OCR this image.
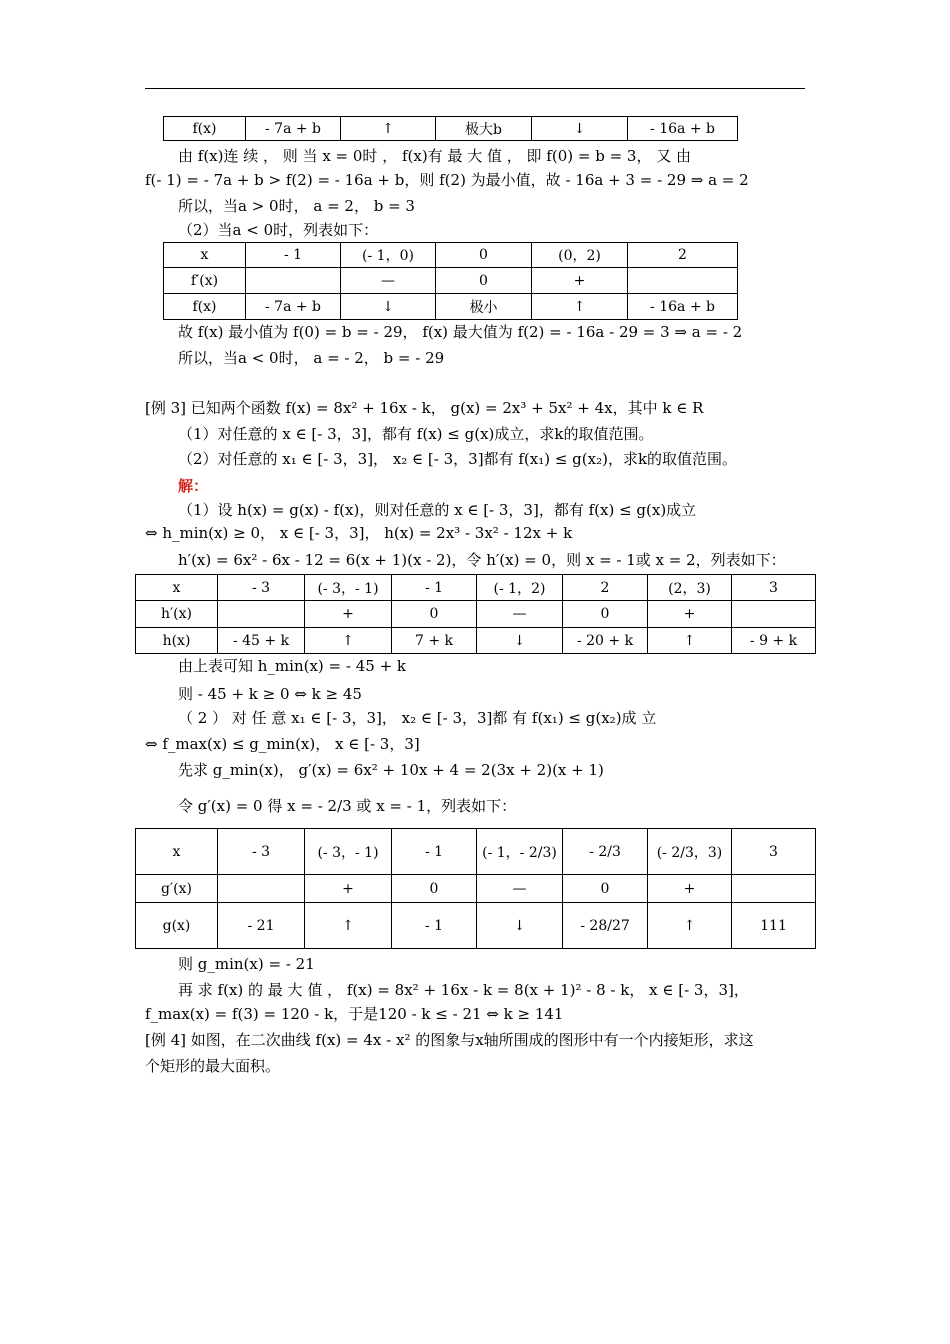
f(x)	- 7a + b	↑	极大b	↓	- 16a + b
由 f(x)连 续 ， 则 当 x = 0时 ， f(x)有 最 大 值 ， 即 f(0) = b = 3， 又 由
f(- 1) = - 7a + b > f(2) = - 16a + b，则 f(2) 为最小值，故 - 16a + 3 = - 29 ⇒ a = 2
所以，当a > 0时， a = 2， b = 3
（2）当a < 0时，列表如下：
x	- 1	(- 1，0)	0	(0，2)	2
f′(x)		—	0	+	
f(x)	- 7a + b	↓	极小	↑	- 16a + b
故 f(x) 最小值为 f(0) = b = - 29， f(x) 最大值为 f(2) = - 16a - 29 = 3 ⇒ a = - 2
所以，当a < 0时， a = - 2， b = - 29
[例 3] 已知两个函数 f(x) = 8x² + 16x - k， g(x) = 2x³ + 5x² + 4x，其中 k ∈ R
（1）对任意的 x ∈ [- 3，3]，都有 f(x) ≤ g(x)成立，求k的取值范围。
（2）对任意的 x₁ ∈ [- 3，3]， x₂ ∈ [- 3，3]都有 f(x₁) ≤ g(x₂)，求k的取值范围。
解：
（1）设 h(x) = g(x) - f(x)，则对任意的 x ∈ [- 3，3]，都有 f(x) ≤ g(x)成立
⇔ h_min(x) ≥ 0， x ∈ [- 3，3]， h(x) = 2x³ - 3x² - 12x + k
h′(x) = 6x² - 6x - 12 = 6(x + 1)(x - 2)，令 h′(x) = 0，则 x = - 1或 x = 2，列表如下：
x	- 3	(- 3，- 1)	- 1	(- 1，2)	2	(2，3)	3
h′(x)		+	0	—	0	+	
h(x)	- 45 + k	↑	7 + k	↓	- 20 + k	↑	- 9 + k
由上表可知 h_min(x) = - 45 + k
则 - 45 + k ≥ 0 ⇔ k ≥ 45
（ 2 ） 对 任 意 x₁ ∈ [- 3，3]， x₂ ∈ [- 3，3]都 有 f(x₁) ≤ g(x₂)成 立
⇔ f_max(x) ≤ g_min(x)， x ∈ [- 3，3]
先求 g_min(x)， g′(x) = 6x² + 10x + 4 = 2(3x + 2)(x + 1)
令 g′(x) = 0 得 x = - 2/3 或 x = - 1，列表如下：
x	- 3	(- 3，- 1)	- 1	(- 1，- 2/3)	- 2/3	(- 2/3，3)	3
g′(x)		+	0	—	0	+	
g(x)	- 21	↑	- 1	↓	- 28/27	↑	111
则 g_min(x) = - 21
再 求 f(x) 的 最 大 值 ， f(x) = 8x² + 16x - k = 8(x + 1)² - 8 - k， x ∈ [- 3，3]，
f_max(x) = f(3) = 120 - k，于是120 - k ≤ - 21 ⇔ k ≥ 141
[例 4] 如图，在二次曲线 f(x) = 4x - x² 的图象与x轴所围成的图形中有一个内接矩形，求这
个矩形的最大面积。
